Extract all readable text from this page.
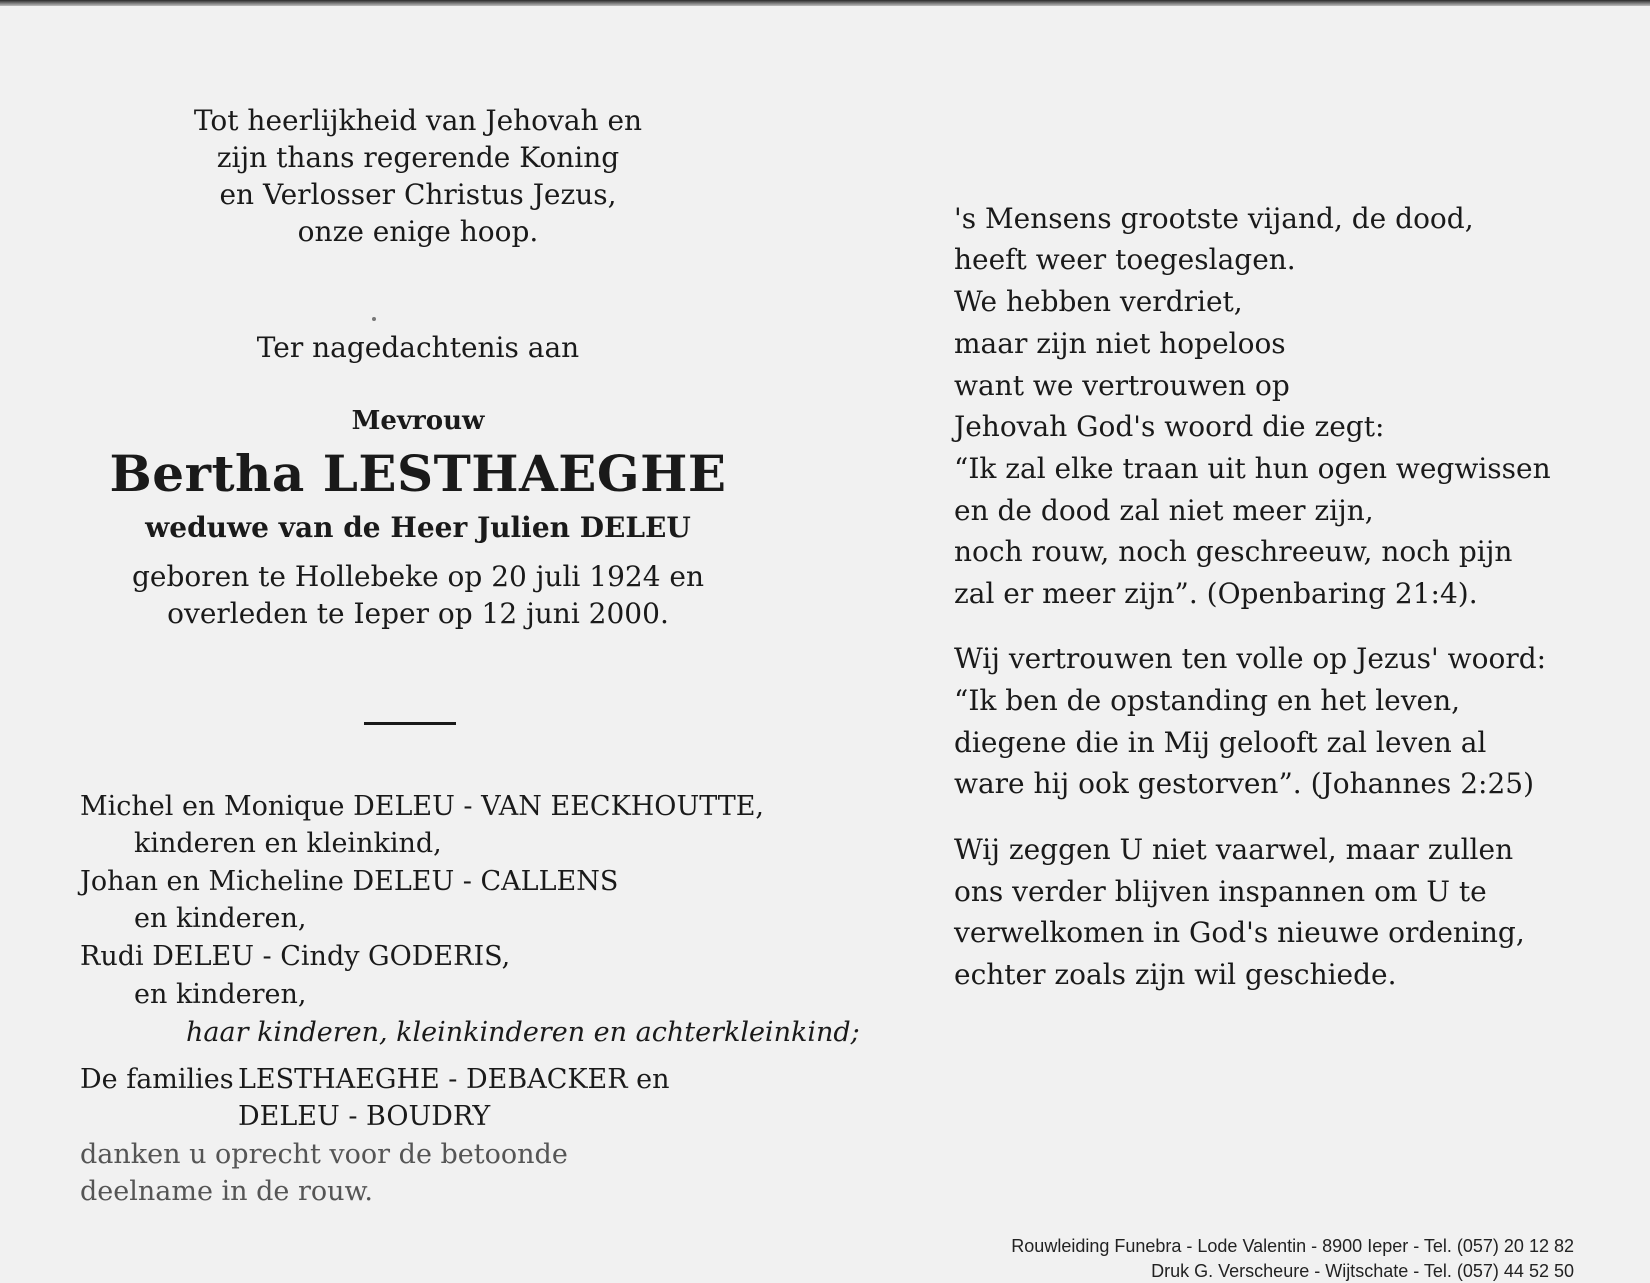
Tot heerlijkheid van Jehovah en
zijn thans regerende Koning
en Verlosser Christus Jezus,
onze enige hoop.
Ter nagedachtenis aan
Mevrouw
Bertha LESTHAEGHE
weduwe van de Heer Julien DELEU
geboren te Hollebeke op 20 juli 1924 en
overleden te Ieper op 12 juni 2000.
Michel en Monique DELEU - VAN EECKHOUTTE,
kinderen en kleinkind,
Johan en Micheline DELEU - CALLENS
en kinderen,
Rudi DELEU - Cindy GODERIS,
en kinderen,
haar kinderen, kleinkinderen en achterkleinkind;
De families LESTHAEGHE - DEBACKER en
DELEU - BOUDRY
danken u oprecht voor de betoonde
deelname in de rouw.
's Mensens grootste vijand, de dood,
heeft weer toegeslagen.
We hebben verdriet,
maar zijn niet hopeloos
want we vertrouwen op
Jehovah God's woord die zegt:
“Ik zal elke traan uit hun ogen wegwissen
en de dood zal niet meer zijn,
noch rouw, noch geschreeuw, noch pijn
zal er meer zijn”. (Openbaring 21:4).
Wij vertrouwen ten volle op Jezus' woord:
“Ik ben de opstanding en het leven,
diegene die in Mij gelooft zal leven al
ware hij ook gestorven”. (Johannes 2:25)
Wij zeggen U niet vaarwel, maar zullen
ons verder blijven inspannen om U te
verwelkomen in God's nieuwe ordening,
echter zoals zijn wil geschiede.
Rouwleiding Funebra - Lode Valentin - 8900 Ieper - Tel. (057) 20 12 82
Druk G. Verscheure - Wijtschate - Tel. (057) 44 52 50
